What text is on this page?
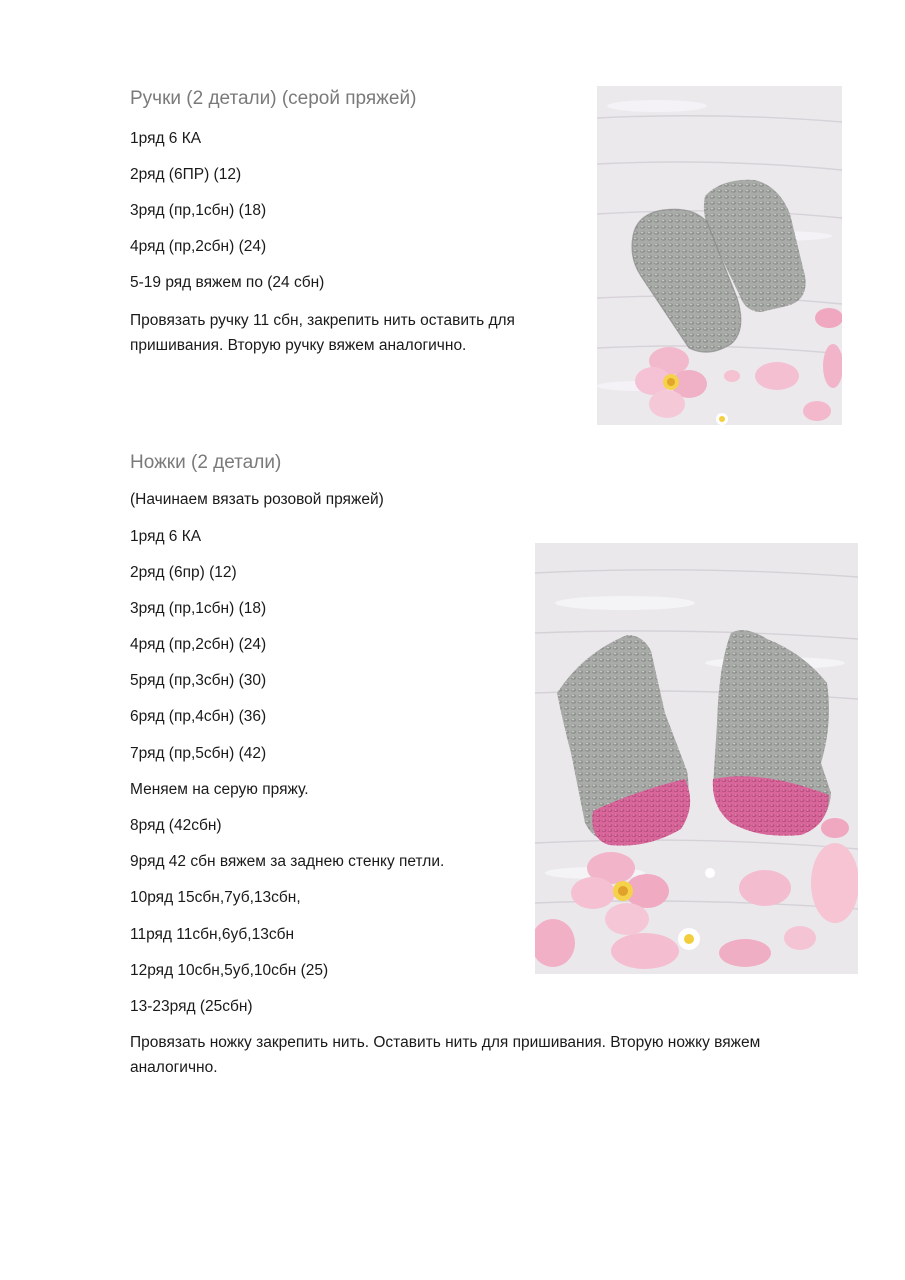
Ручки (2 детали) (серой пряжей)

1ряд 6 КА

2ряд (6ПР) (12)

3ряд (пр,1сбн) (18)

4ряд (пр,2сбн) (24)

5-19 ряд вяжем по (24 сбн)

Провязать ручку 11 сбн, закрепить нить оставить для пришивания. Вторую ручку вяжем аналогично.

Ножки (2 детали)

(Начинаем вязать розовой пряжей)

1ряд 6 КА

2ряд (6пр) (12)

3ряд (пр,1сбн) (18)

4ряд (пр,2сбн) (24)

5ряд (пр,3сбн) (30)

6ряд (пр,4сбн) (36)

7ряд (пр,5сбн) (42)

Меняем на серую пряжу.

8ряд (42сбн)

9ряд 42 сбн вяжем за заднею стенку петли.

10ряд 15сбн,7уб,13сбн,

11ряд 11сбн,6уб,13сбн

12ряд 10сбн,5уб,10сбн (25)

13-23ряд (25сбн)

Провязать ножку закрепить нить. Оставить нить для пришивания. Вторую ножку вяжем аналогично.
